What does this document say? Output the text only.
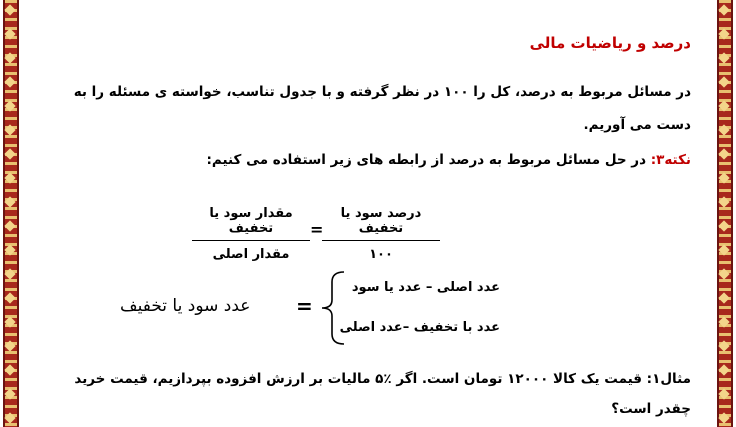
درصد و ریاضیات مالی
در مسائل مربوط به درصد، کل را ۱۰۰ در نظر گرفته و با جدول تناسب، خواسته ی مسئله را به دست می آوریم.
نکته۳: در حل مسائل مربوط به درصد از رابطه های زیر استفاده می کنیم:
درصد سود یا تخفیف
۱۰۰
=
مقدار سود یا تخفیف
مقدار اصلی
عدد سود یا تخفیف =
عدد اصلی – عدد یا سود
عدد با تخفیف –عدد اصلی
مثال۱: قیمت یک کالا ۱۲۰۰۰ تومان است. اگر ٪۵ مالیات بر ارزش افزوده بپردازیم، قیمت خرید چقدر است؟
